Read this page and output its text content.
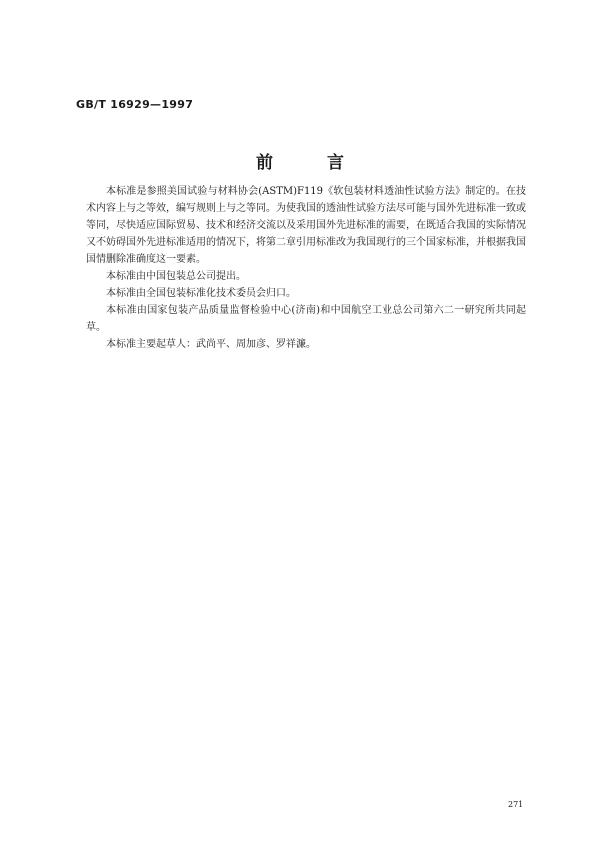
GB/T 16929—1997
前 言

本标准是参照美国试验与材料协会(ASTM)F119《软包装材料透油性试验方法》制定的。在技术内容上与之等效，编写规则上与之等同。为使我国的透油性试验方法尽可能与国外先进标准一致或等同，尽快适应国际贸易、技术和经济交流以及采用国外先进标准的需要，在既适合我国的实际情况又不妨碍国外先进标准适用的情况下，将第二章引用标准改为我国现行的三个国家标准，并根据我国国情删除准确度这一要素。

本标准由中国包装总公司提出。

本标准由全国包装标准化技术委员会归口。

本标准由国家包装产品质量监督检验中心(济南)和中国航空工业总公司第六二一研究所共同起草。

本标准主要起草人：武尚平、周加彦、罗祥濂。

271
